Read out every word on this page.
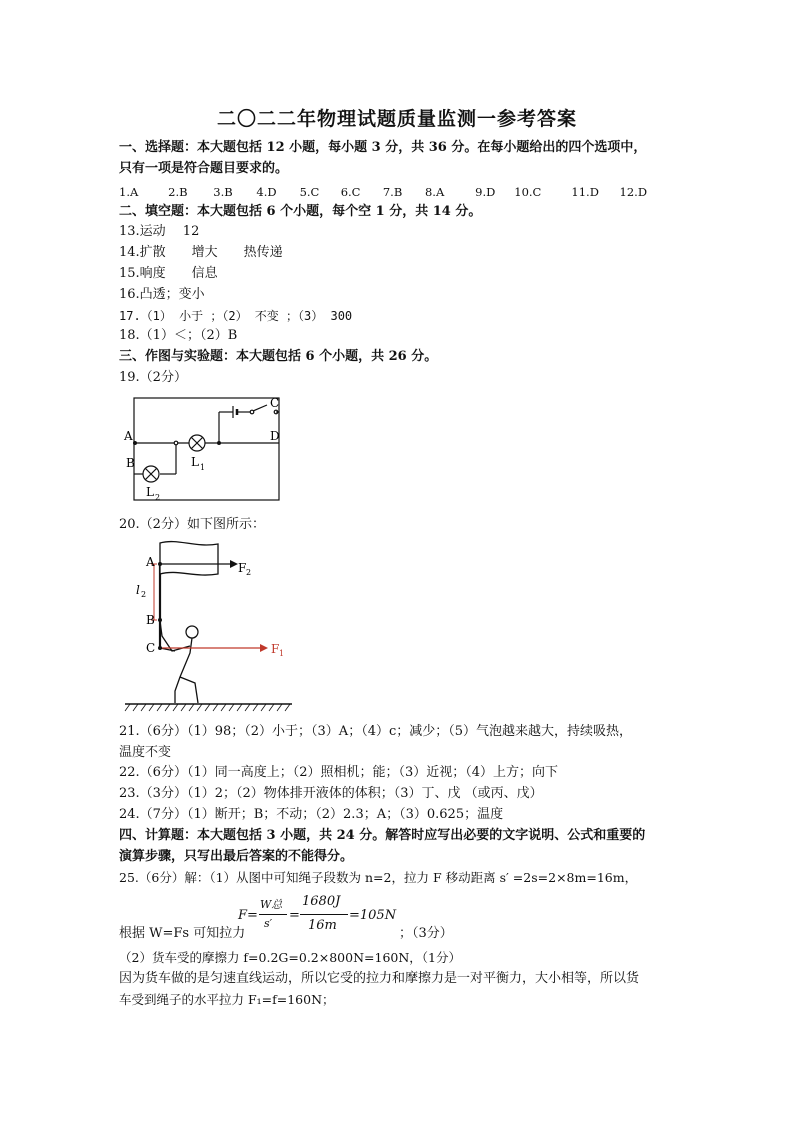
二〇二二年物理试题质量监测一参考答案
一、选择题：本大题包括 12 小题，每小题 3 分，共 36 分。在每小题给出的四个选项中，
只有一项是符合题目要求的。
1.A	2.B 3.B 4.D 5.C 6.C 7.B 8.A	9.D 10.C	11.D 12.D
二、填空题：本大题包括 6 个小题，每个空 1 分，共 14 分。
13.运动　 12
14.扩散　　增大　　热传递
15.响度　　信息
16.凸透；变小
17.（1） 小于 ；（2） 不变 ；（3） 300
18.（1）＜；（2）B
三、作图与实验题：本大题包括 6 个小题，共 26 分。
19.（2分）
A
B
C
D
L 1
L 2
20.（2分）如下图所示：
A
B
C
F 2
F 1
l 2
21.（6分）（1）98；（2）小于；（3）A；（4）c；减少；（5）气泡越来越大，持续吸热，
温度不变
22.（6分）（1）同一高度上；（2）照相机；能；（3）近视；（4）上方；向下
23.（3分）（1）2；（2）物体排开液体的体积；（3）丁、戊 （或丙、戊）
24.（7分）（1）断开；B；不动；（2）2.3；A；（3）0.625；温度
四、计算题：本大题包括 3 小题，共 24 分。解答时应写出必要的文字说明、公式和重要的
演算步骤，只写出最后答案的不能得分。
25.（6分）解：（1）从图中可知绳子段数为 n=2，拉力 F 移动距离 s′ =2s=2×8m=16m，
根据 W=Fs 可知拉力
F=
W总
s′
=
1680J
16m
=105N
；（3分）
（2）货车受的摩擦力 f=0.2G=0.2×800N=160N，（1分）
因为货车做的是匀速直线运动，所以它受的拉力和摩擦力是一对平衡力，大小相等，所以货
车受到绳子的水平拉力 F₁=f=160N；
